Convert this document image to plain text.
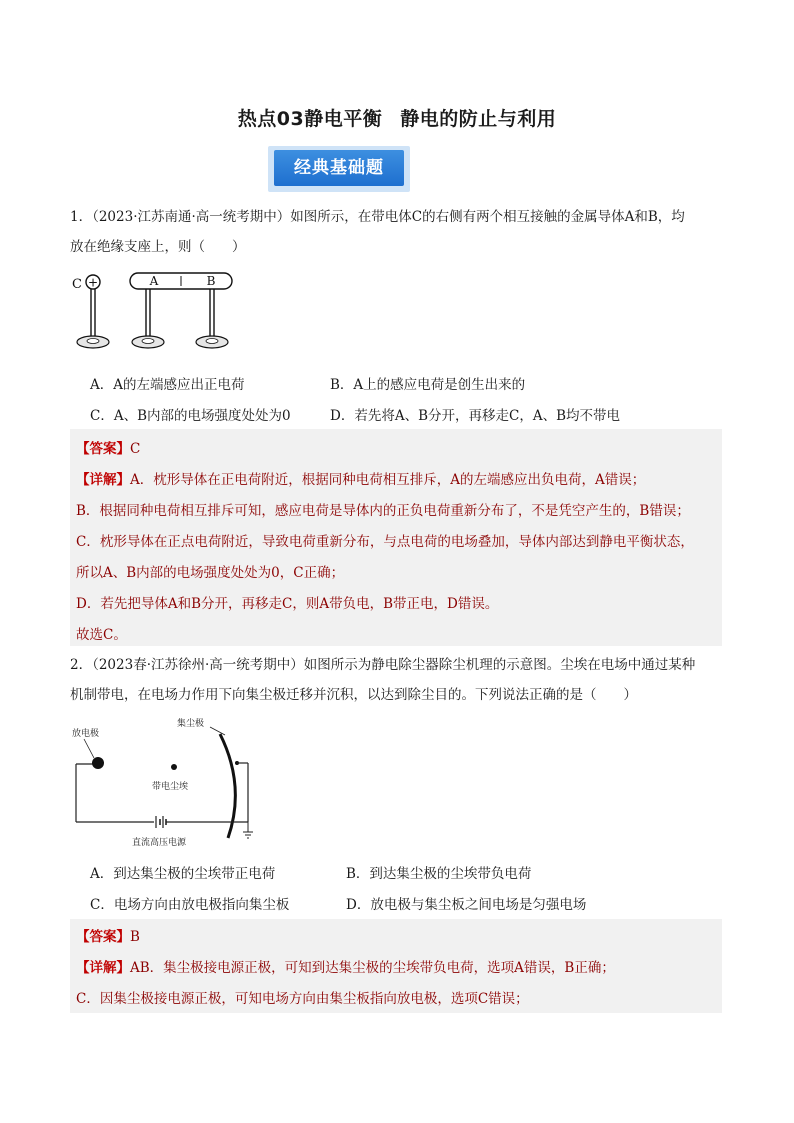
热点03静电平衡 静电的防止与利用
经典基础题
1．（2023·江苏南通·高一统考期中）如图所示，在带电体C的右侧有两个相互接触的金属导体A和B，均
放在绝缘支座上，则（　　）
C +	A	B
A．A的左端感应出正电荷	B．A上的感应电荷是创生出来的
C．A、B内部的电场强度处处为0	D．若先将A、B分开，再移走C，A、B均不带电
【答案】C
【详解】A．枕形导体在正电荷附近，根据同种电荷相互排斥，A的左端感应出负电荷，A错误；
B．根据同种电荷相互排斥可知，感应电荷是导体内的正负电荷重新分布了，不是凭空产生的，B错误；
C．枕形导体在正点电荷附近，导致电荷重新分布，与点电荷的电场叠加，导体内部达到静电平衡状态，
所以A、B内部的电场强度处处为0，C正确；
D．若先把导体A和B分开，再移走C，则A带负电，B带正电，D错误。
故选C。
2．（2023春·江苏徐州·高一统考期中）如图所示为静电除尘器除尘机理的示意图。尘埃在电场中通过某种
机制带电，在电场力作用下向集尘极迁移并沉积，以达到除尘目的。下列说法正确的是（　　）
集尘极
放电极
带电尘埃
直流高压电源
A．到达集尘极的尘埃带正电荷	B．到达集尘极的尘埃带负电荷
C．电场方向由放电极指向集尘板	D．放电极与集尘板之间电场是匀强电场
【答案】B
【详解】AB．集尘极接电源正极，可知到达集尘极的尘埃带负电荷，选项A错误，B正确；
C．因集尘极接电源正极，可知电场方向由集尘板指向放电极，选项C错误；
